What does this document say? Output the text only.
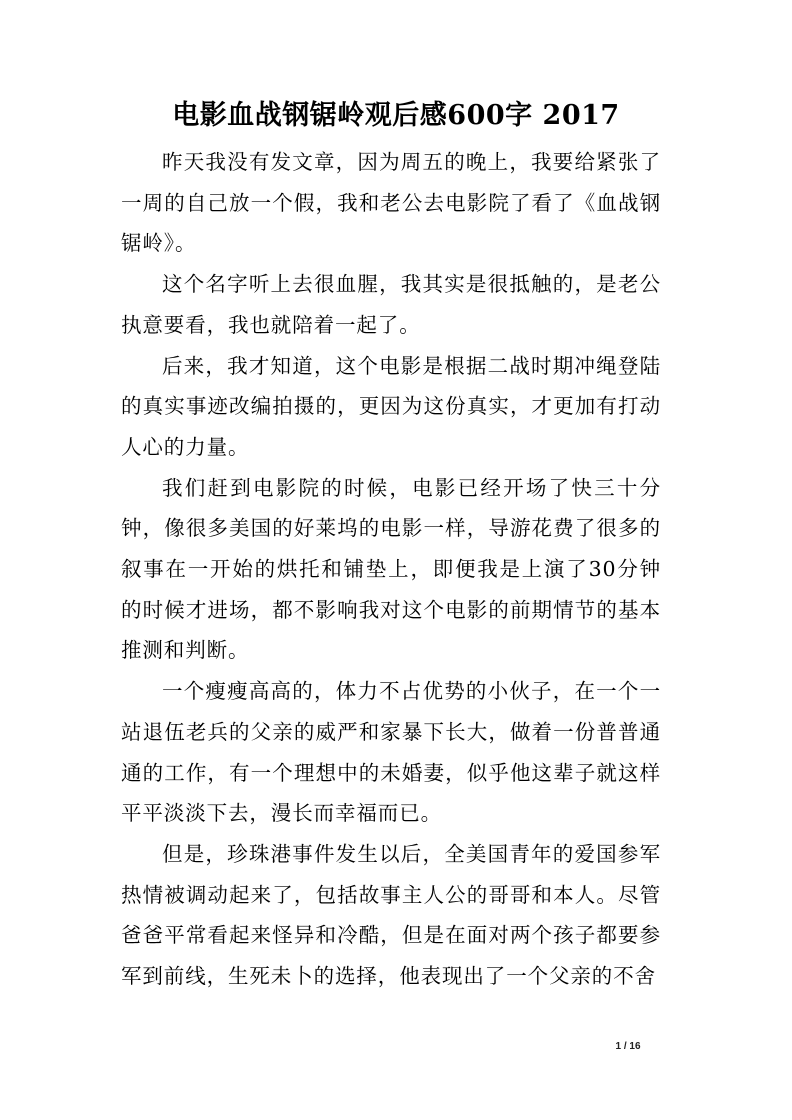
电影血战钢锯岭观后感600字 2017

昨天我没有发文章，因为周五的晚上，我要给紧张了一周的自己放一个假，我和老公去电影院了看了《血战钢锯岭》。

这个名字听上去很血腥，我其实是很抵触的，是老公执意要看，我也就陪着一起了。

后来，我才知道，这个电影是根据二战时期冲绳登陆的真实事迹改编拍摄的，更因为这份真实，才更加有打动人心的力量。

我们赶到电影院的时候，电影已经开场了快三十分钟，像很多美国的好莱坞的电影一样，导游花费了很多的叙事在一开始的烘托和铺垫上，即便我是上演了30分钟的时候才进场，都不影响我对这个电影的前期情节的基本推测和判断。

一个瘦瘦高高的，体力不占优势的小伙子，在一个一站退伍老兵的父亲的威严和家暴下长大，做着一份普普通通的工作，有一个理想中的未婚妻，似乎他这辈子就这样平平淡淡下去，漫长而幸福而已。

但是，珍珠港事件发生以后，全美国青年的爱国参军热情被调动起来了，包括故事主人公的哥哥和本人。尽管爸爸平常看起来怪异和冷酷，但是在面对两个孩子都要参军到前线，生死未卜的选择，他表现出了一个父亲的不舍

1 / 16
